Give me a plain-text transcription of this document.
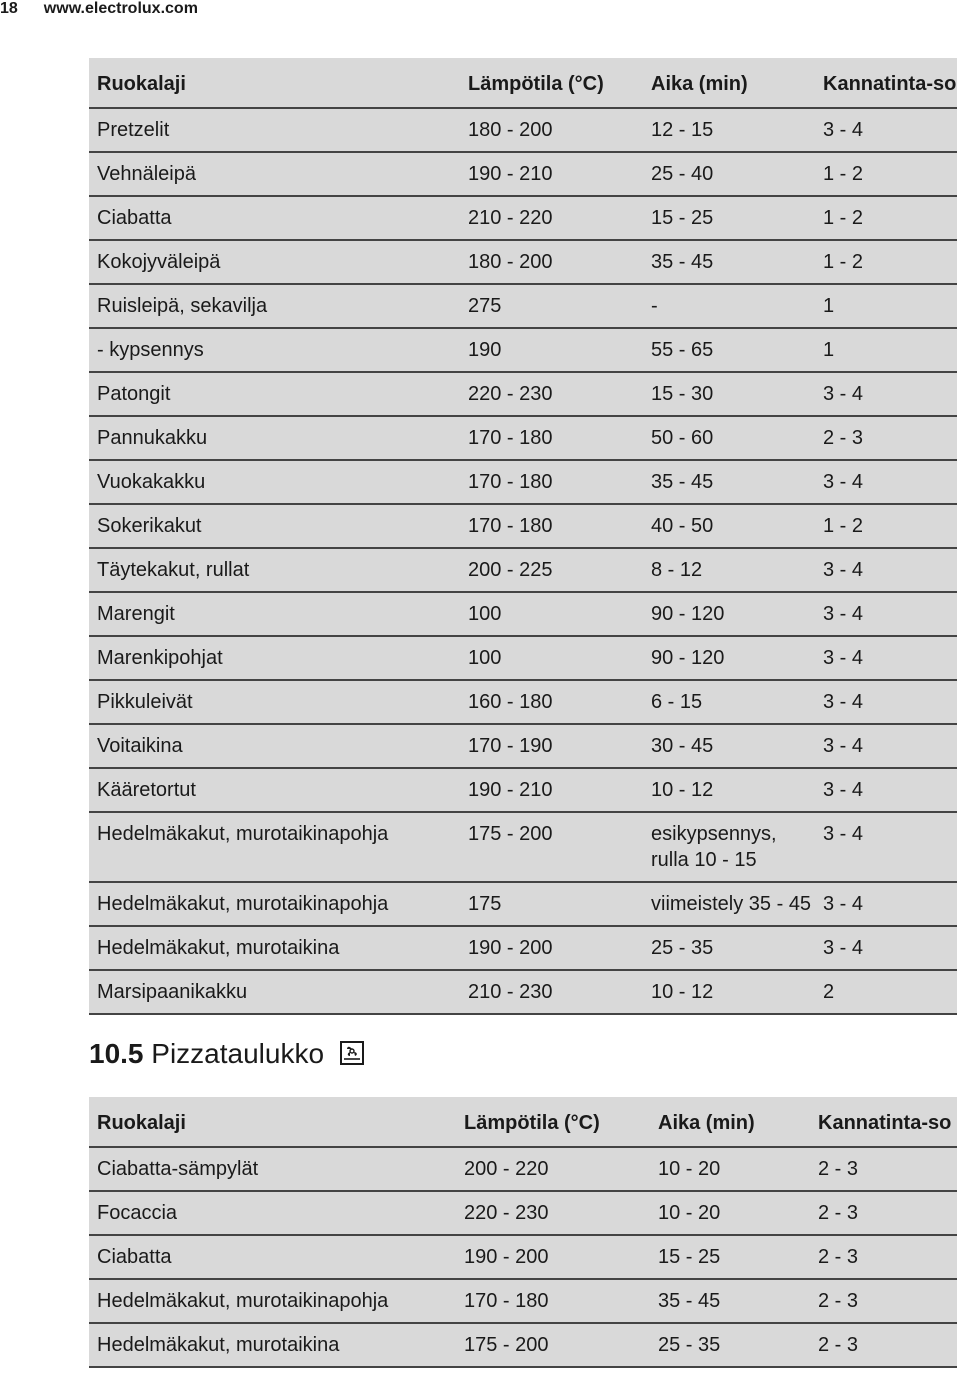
18 www.electrolux.com
Ruokalaji	Lämpötila (°C)	Aika (min)	Kannatinta-so
Pretzelit	180 - 200	12 - 15	3 - 4
Vehnäleipä	190 - 210	25 - 40	1 - 2
Ciabatta	210 - 220	15 - 25	1 - 2
Kokojyväleipä	180 - 200	35 - 45	1 - 2
Ruisleipä, sekavilja	275	-	1
- kypsennys	190	55 - 65	1
Patongit	220 - 230	15 - 30	3 - 4
Pannukakku	170 - 180	50 - 60	2 - 3
Vuokakakku	170 - 180	35 - 45	3 - 4
Sokerikakut	170 - 180	40 - 50	1 - 2
Täytekakut, rullat	200 - 225	8 - 12	3 - 4
Marengit	100	90 - 120	3 - 4
Marenkipohjat	100	90 - 120	3 - 4
Pikkuleivät	160 - 180	6 - 15	3 - 4
Voitaikina	170 - 190	30 - 45	3 - 4
Kääretortut	190 - 210	10 - 12	3 - 4
Hedelmäkakut, murotaikinapohja	175 - 200	esikypsennys, rulla 10 - 15	3 - 4
Hedelmäkakut, murotaikinapohja	175	viimeistely 35 - 45	3 - 4
Hedelmäkakut, murotaikina	190 - 200	25 - 35	3 - 4
Marsipaanikakku	210 - 230	10 - 12	2
10.5 Pizzataulukko
Ruokalaji	Lämpötila (°C)	Aika (min)	Kannatinta-so
Ciabatta-sämpylät	200 - 220	10 - 20	2 - 3
Focaccia	220 - 230	10 - 20	2 - 3
Ciabatta	190 - 200	15 - 25	2 - 3
Hedelmäkakut, murotaikinapohja	170 - 180	35 - 45	2 - 3
Hedelmäkakut, murotaikina	175 - 200	25 - 35	2 - 3
